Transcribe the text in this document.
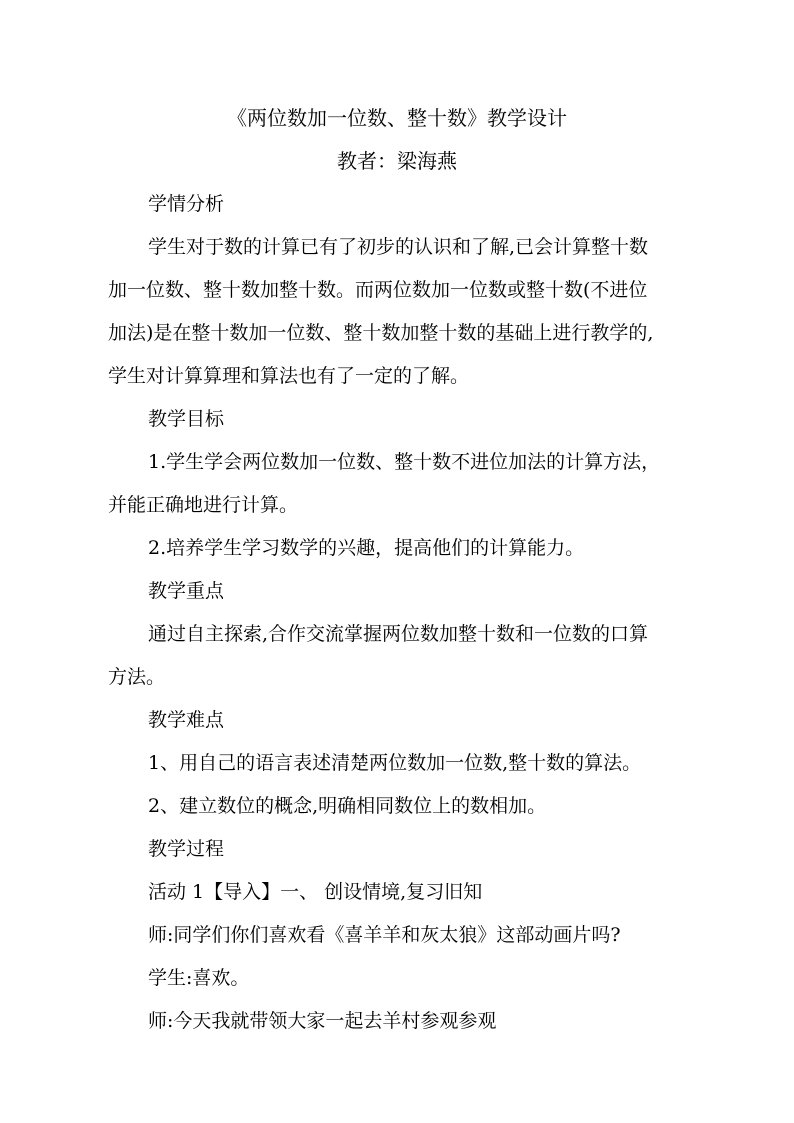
《两位数加一位数、整十数》教学设计
教者：梁海燕
学情分析
学生对于数的计算已有了初步的认识和了解,已会计算整十数
加一位数、整十数加整十数。而两位数加一位数或整十数(不进位
加法)是在整十数加一位数、整十数加整十数的基础上进行教学的,
学生对计算算理和算法也有了一定的了解。
教学目标
1.学生学会两位数加一位数、整十数不进位加法的计算方法，
并能正确地进行计算。
2.培养学生学习数学的兴趣，提高他们的计算能力。
教学重点
通过自主探索,合作交流掌握两位数加整十数和一位数的口算
方法。
教学难点
1、用自己的语言表述清楚两位数加一位数,整十数的算法。
2、建立数位的概念,明确相同数位上的数相加。
教学过程
活动 1【导入】一、 创设情境,复习旧知
师:同学们你们喜欢看《喜羊羊和灰太狼》这部动画片吗?
学生:喜欢。
师:今天我就带领大家一起去羊村参观参观
